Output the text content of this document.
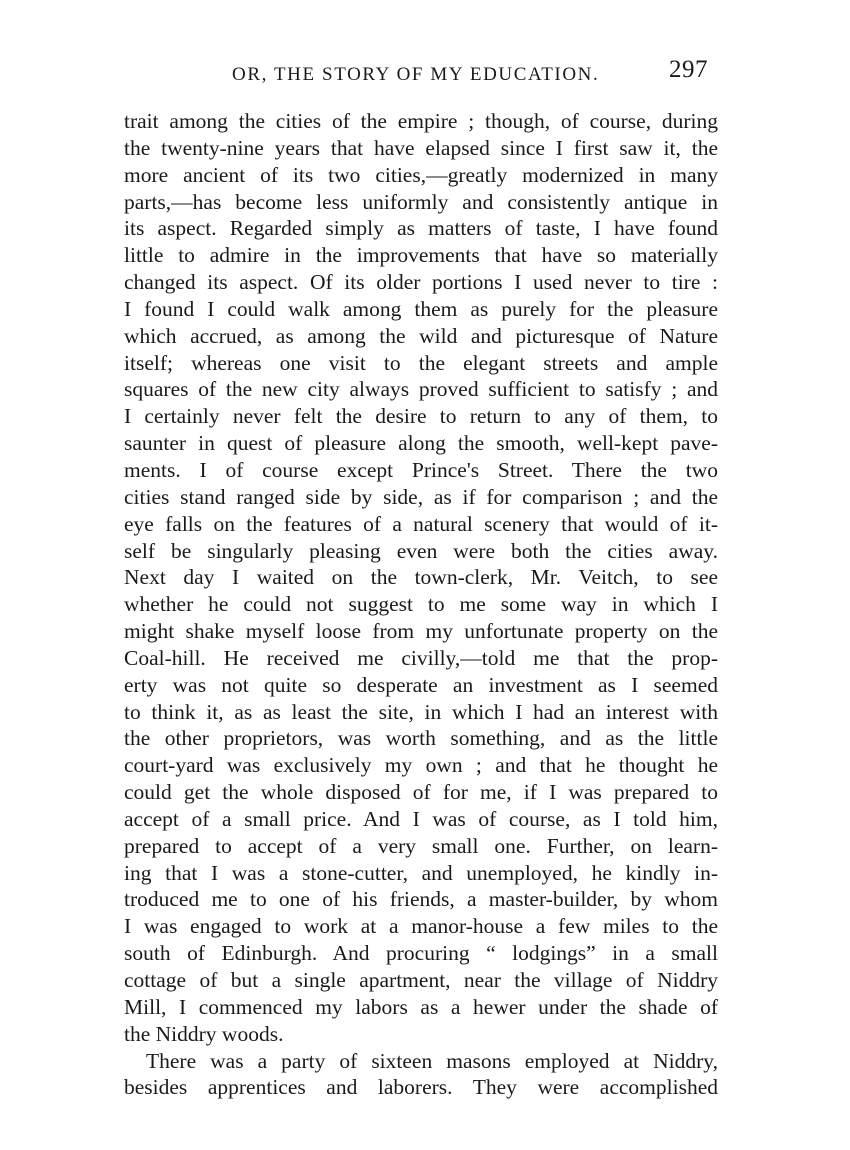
OR, THE STORY OF MY EDUCATION.	297
trait among the cities of the empire ; though, of course, during
the twenty-nine years that have elapsed since I first saw it, the
more ancient of its two cities,—greatly modernized in many
parts,—has become less uniformly and consistently antique in
its aspect. Regarded simply as matters of taste, I have found
little to admire in the improvements that have so materially
changed its aspect. Of its older portions I used never to tire :
I found I could walk among them as purely for the pleasure
which accrued, as among the wild and picturesque of Nature
itself; whereas one visit to the elegant streets and ample
squares of the new city always proved sufficient to satisfy ; and
I certainly never felt the desire to return to any of them, to
saunter in quest of pleasure along the smooth, well-kept pave-
ments. I of course except Prince's Street. There the two
cities stand ranged side by side, as if for comparison ; and the
eye falls on the features of a natural scenery that would of it-
self be singularly pleasing even were both the cities away.
Next day I waited on the town-clerk, Mr. Veitch, to see
whether he could not suggest to me some way in which I
might shake myself loose from my unfortunate property on the
Coal-hill. He received me civilly,—told me that the prop-
erty was not quite so desperate an investment as I seemed
to think it, as as least the site, in which I had an interest with
the other proprietors, was worth something, and as the little
court-yard was exclusively my own ; and that he thought he
could get the whole disposed of for me, if I was prepared to
accept of a small price. And I was of course, as I told him,
prepared to accept of a very small one. Further, on learn-
ing that I was a stone-cutter, and unemployed, he kindly in-
troduced me to one of his friends, a master-builder, by whom
I was engaged to work at a manor-house a few miles to the
south of Edinburgh. And procuring “ lodgings” in a small
cottage of but a single apartment, near the village of Niddry
Mill, I commenced my labors as a hewer under the shade of
the Niddry woods.
There was a party of sixteen masons employed at Niddry,
besides apprentices and laborers. They were accomplished
